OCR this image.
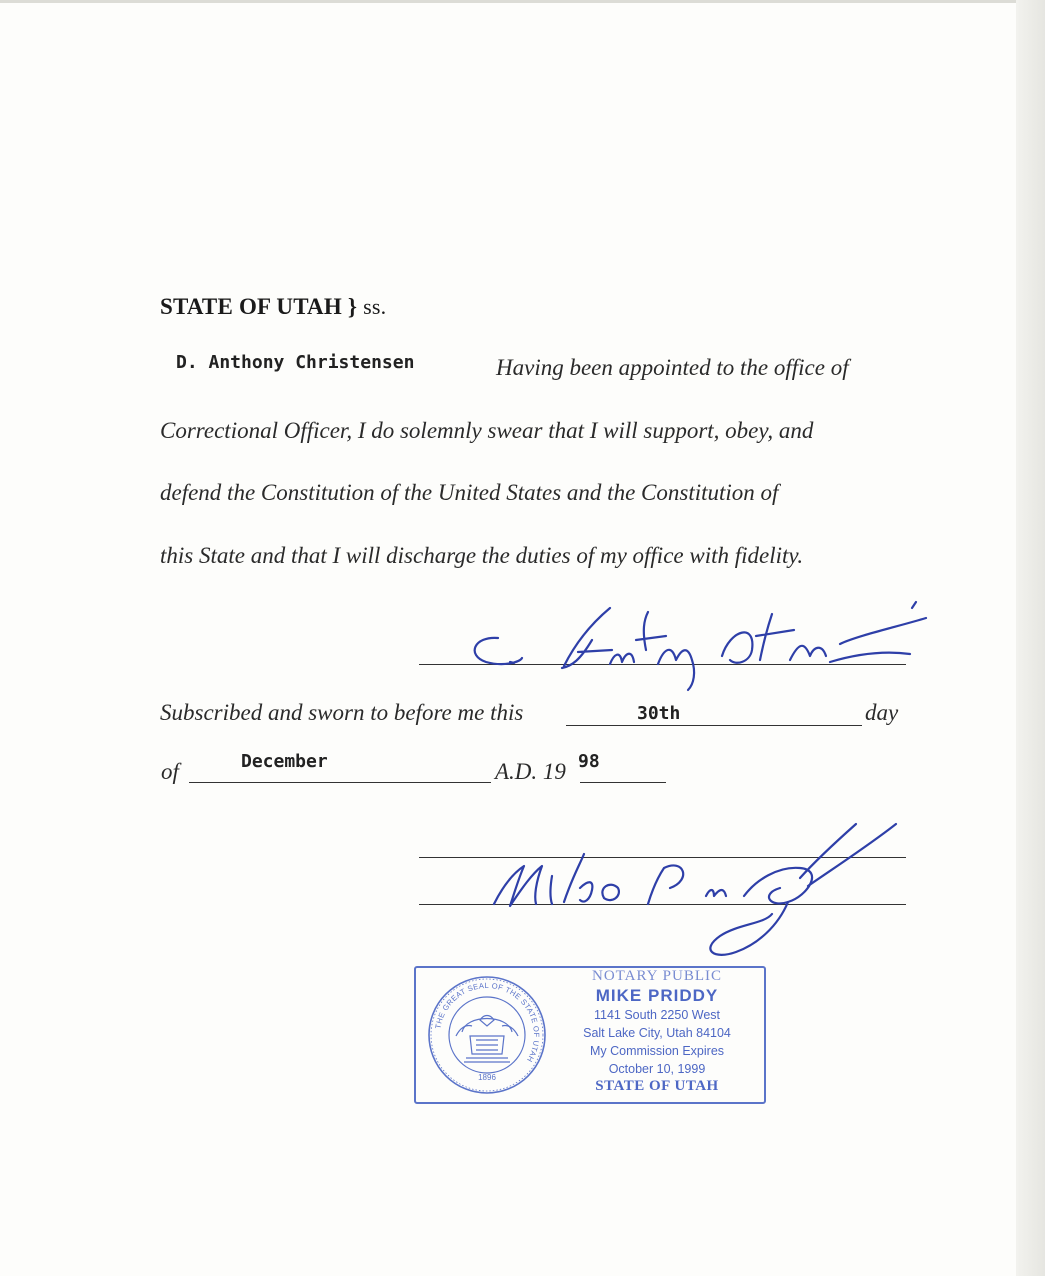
STATE OF UTAH } ss.
D. Anthony Christensen	Having been appointed to the office of
Correctional Officer, I do solemnly swear that I will support, obey, and
defend the Constitution of the United States and the Constitution of
this State and that I will discharge the duties of my office with fidelity.
Subscribed and sworn to before me this	30th	day
of	December	A.D. 19 98
THE GREAT SEAL OF THE STATE OF UTAH
1896
NOTARY PUBLIC
MIKE PRIDDY
1141 South 2250 West
Salt Lake City, Utah 84104
My Commission Expires
October 10, 1999
STATE OF UTAH
